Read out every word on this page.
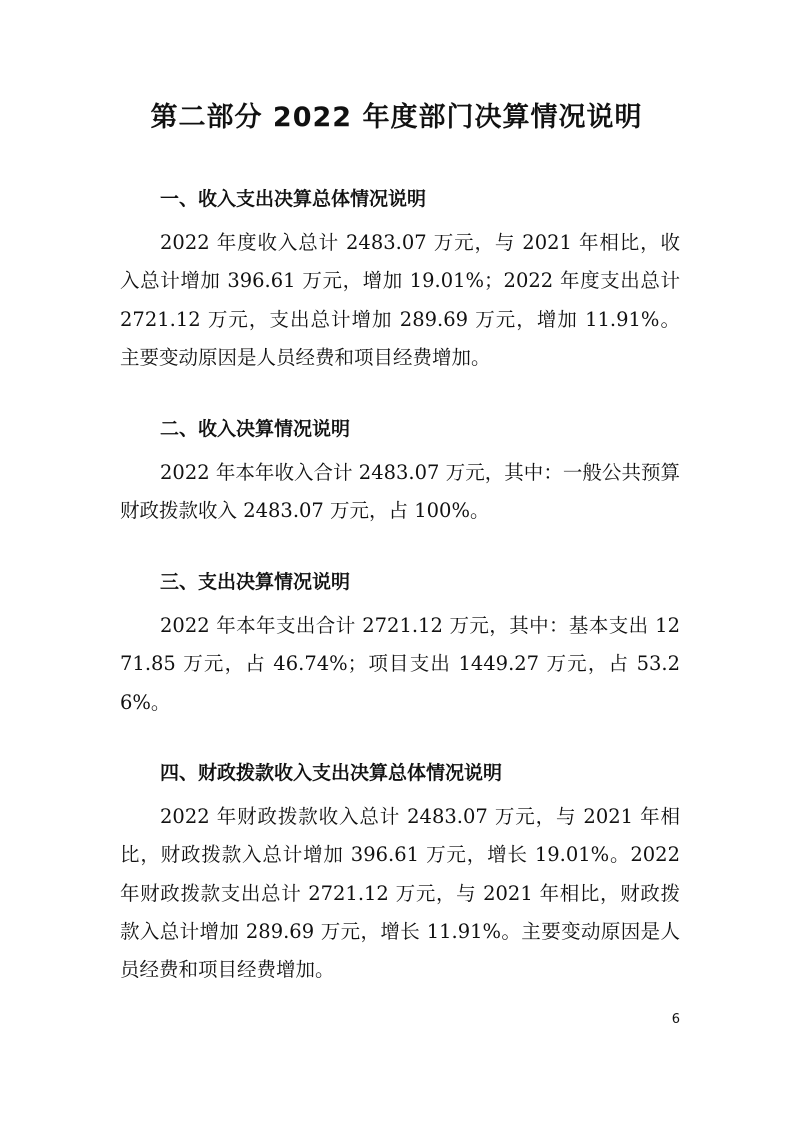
第二部分 2022 年度部门决算情况说明
一、收入支出决算总体情况说明

2022 年度收入总计 2483.07 万元，与 2021 年相比，收入总计增加 396.61 万元，增加 19.01%；2022 年度支出总计 2721.12 万元，支出总计增加 289.69 万元，增加 11.91%。主要变动原因是人员经费和项目经费增加。

二、收入决算情况说明

2022 年本年收入合计 2483.07 万元，其中：一般公共预算财政拨款收入 2483.07 万元，占 100%。

三、支出决算情况说明

2022 年本年支出合计 2721.12 万元，其中：基本支出 1271.85 万元，占 46.74%；项目支出 1449.27 万元，占 53.26%。

四、财政拨款收入支出决算总体情况说明

2022 年财政拨款收入总计 2483.07 万元，与 2021 年相比，财政拨款入总计增加 396.61 万元，增长 19.01%。2022 年财政拨款支出总计 2721.12 万元，与 2021 年相比，财政拨款入总计增加 289.69 万元，增长 11.91%。主要变动原因是人员经费和项目经费增加。

6
